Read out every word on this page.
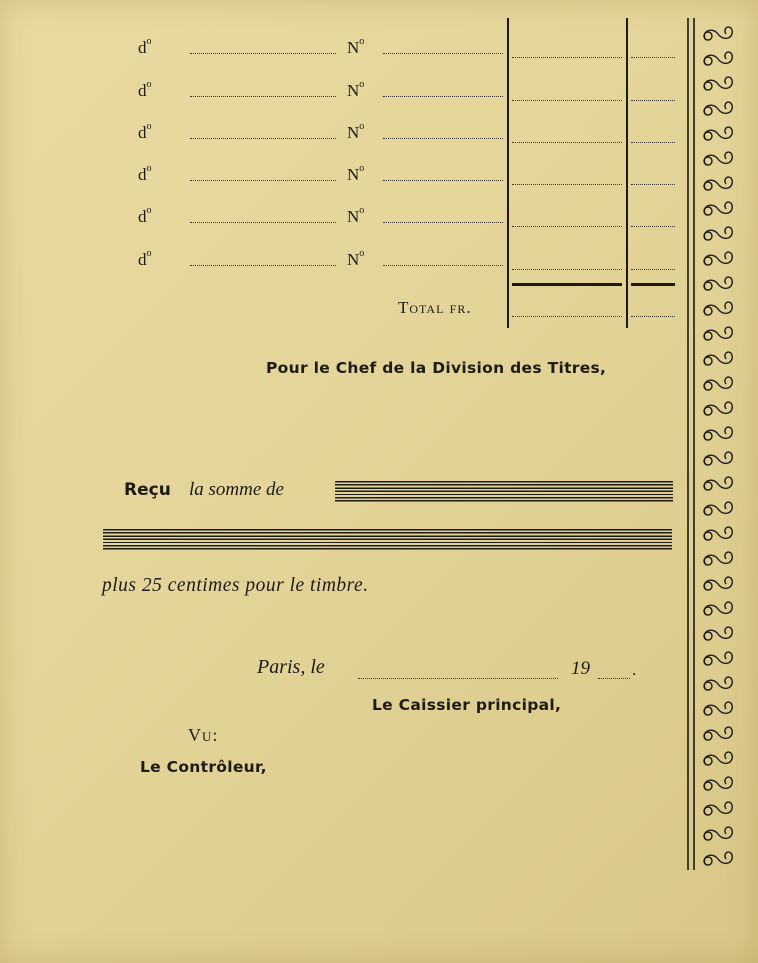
$d^o$	$N^o$
$d^o$	$N^o$
$d^o$	$N^o$
$d^o$	$N^o$
$d^o$	$N^o$
$d^o$	$N^o$
Total fr.
Pour le Chef de la Division des Titres,
Reçu la somme de
plus 25 centimes pour le timbre.
Paris, le	19 .
Le Caissier principal,
Vu:
Le Contrôleur,
